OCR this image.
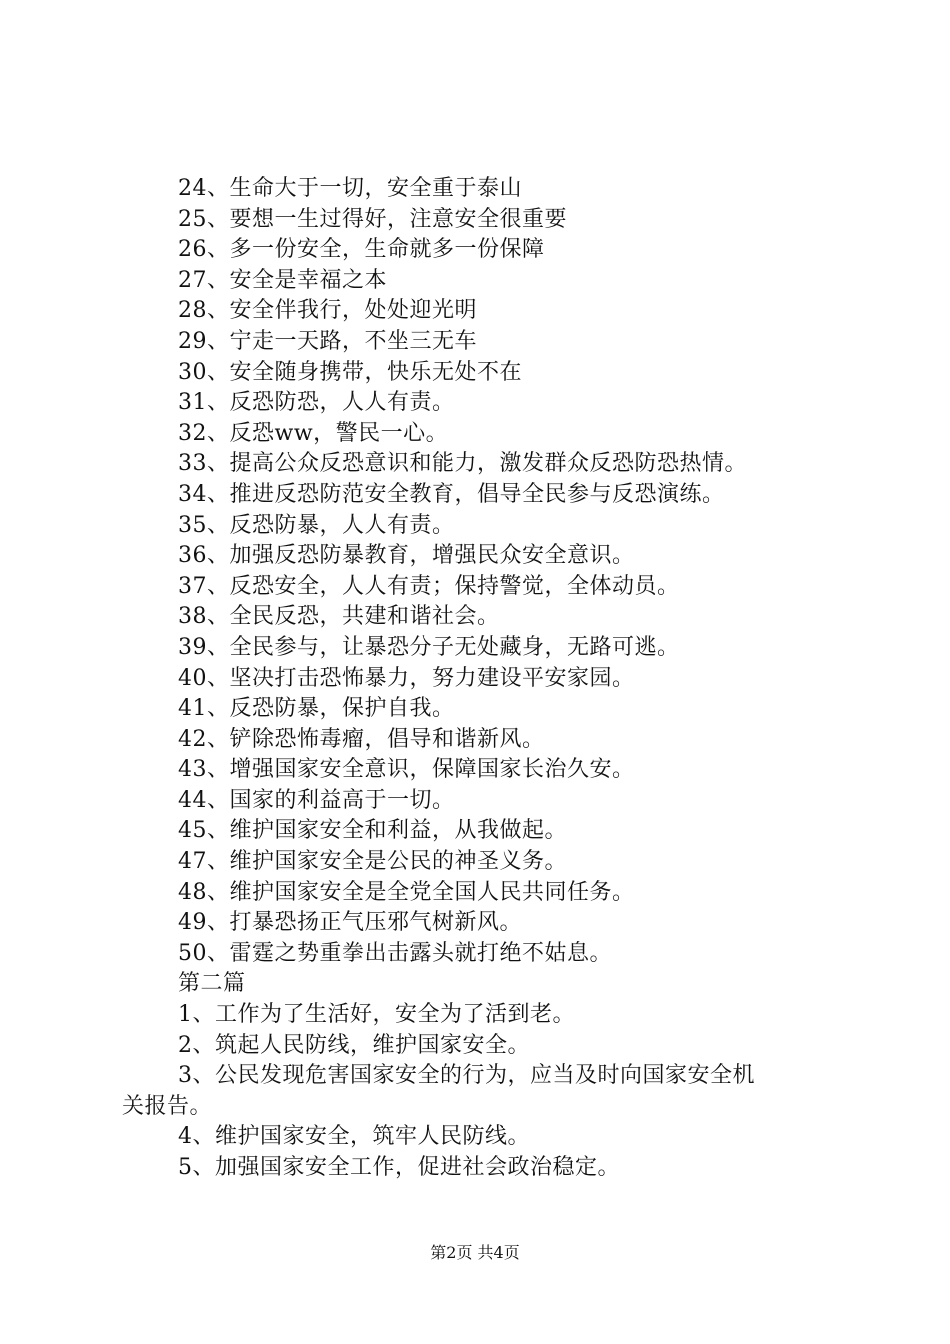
24、生命大于一切，安全重于泰山
25、要想一生过得好，注意安全很重要
26、多一份安全，生命就多一份保障
27、安全是幸福之本
28、安全伴我行，处处迎光明
29、宁走一天路，不坐三无车
30、安全随身携带，快乐无处不在
31、反恐防恐，人人有责。
32、反恐ww，警民一心。
33、提高公众反恐意识和能力，激发群众反恐防恐热情。
34、推进反恐防范安全教育，倡导全民参与反恐演练。
35、反恐防暴，人人有责。
36、加强反恐防暴教育，增强民众安全意识。
37、反恐安全，人人有责；保持警觉，全体动员。
38、全民反恐，共建和谐社会。
39、全民参与，让暴恐分子无处藏身，无路可逃。
40、坚决打击恐怖暴力，努力建设平安家园。
41、反恐防暴，保护自我。
42、铲除恐怖毒瘤，倡导和谐新风。
43、增强国家安全意识，保障国家长治久安。
44、国家的利益高于一切。
45、维护国家安全和利益，从我做起。
47、维护国家安全是公民的神圣义务。
48、维护国家安全是全党全国人民共同任务。
49、打暴恐扬正气压邪气树新风。
50、雷霆之势重拳出击露头就打绝不姑息。
第二篇
1、工作为了生活好，安全为了活到老。
2、筑起人民防线，维护国家安全。
3、公民发现危害国家安全的行为，应当及时向国家安全机
关报告。
4、维护国家安全，筑牢人民防线。
5、加强国家安全工作，促进社会政治稳定。
第2页 共4页
